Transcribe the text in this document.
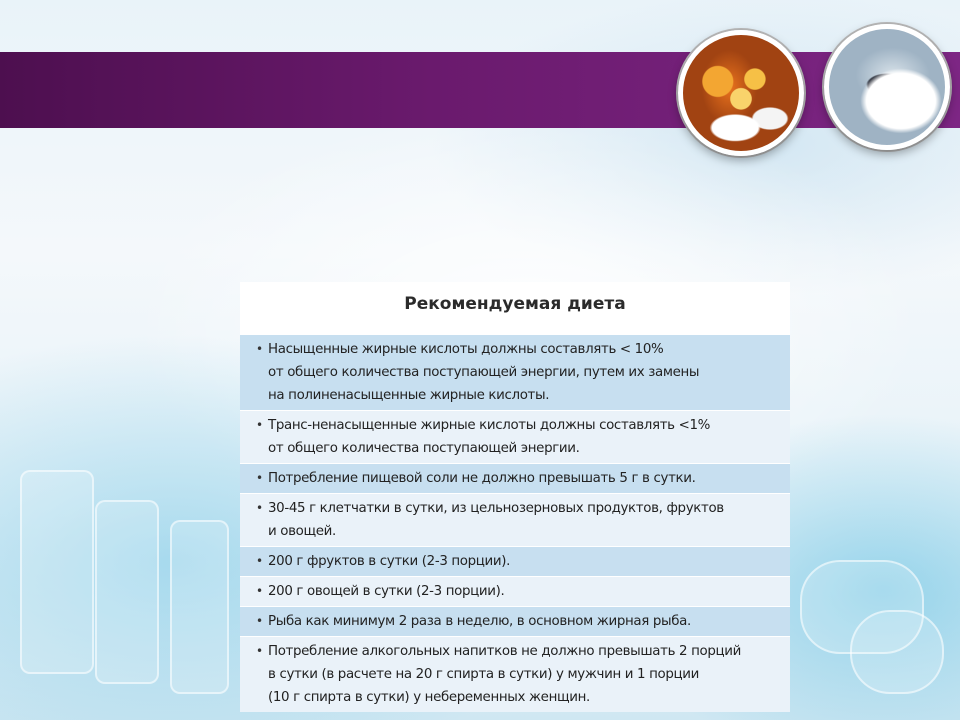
Рекомендуемая диета
• Насыщенные жирные кислоты должны составлять < 10%
от общего количества поступающей энергии, путем их замены
на полиненасыщенные жирные кислоты.
• Транс-ненасыщенные жирные кислоты должны составлять <1%
от общего количества поступающей энергии.
• Потребление пищевой соли не должно превышать 5 г в сутки.
• 30-45 г клетчатки в сутки, из цельнозерновых продуктов, фруктов
и овощей.
• 200 г фруктов в сутки (2-3 порции).
• 200 г овощей в сутки (2-3 порции).
• Рыба как минимум 2 раза в неделю, в основном жирная рыба.
• Потребление алкогольных напитков не должно превышать 2 порций
в сутки (в расчете на 20 г спирта в сутки) у мужчин и 1 порции
(10 г спирта в сутки) у небеременных женщин.
